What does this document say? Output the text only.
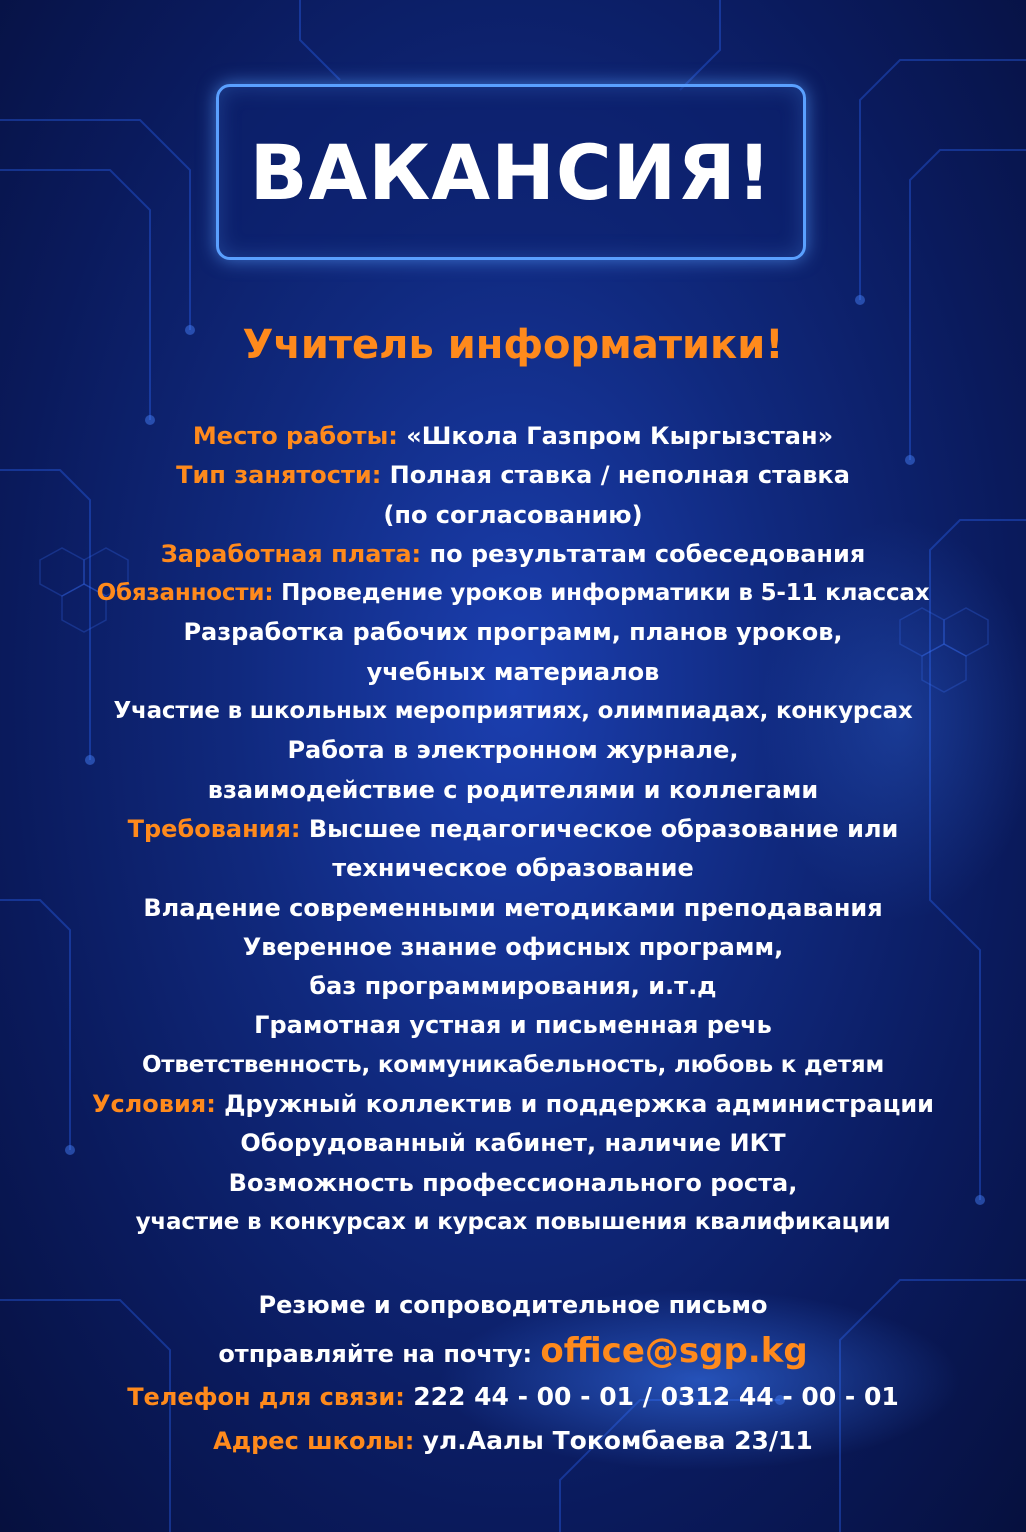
ВАКАНСИЯ!
Учитель информатики!
Место работы: «Школа Газпром Кыргызстан»
Тип занятости: Полная ставка / неполная ставка
(по согласованию)
Заработная плата: по результатам собеседования
Обязанности: Проведение уроков информатики в 5-11 классах
Разработка рабочих программ, планов уроков,
учебных материалов
Участие в школьных мероприятиях, олимпиадах, конкурсах
Работа в электронном журнале,
взаимодействие с родителями и коллегами
Требования: Высшее педагогическое образование или
техническое образование
Владение современными методиками преподавания
Уверенное знание офисных программ,
баз программирования, и.т.д
Грамотная устная и письменная речь
Ответственность, коммуникабельность, любовь к детям
Условия: Дружный коллектив и поддержка администрации
Оборудованный кабинет, наличие ИКТ
Возможность профессионального роста,
участие в конкурсах и курсах повышения квалификации
Резюме и сопроводительное письмо
отправляйте на почту: office@sgp.kg
Телефон для связи: 222 44 - 00 - 01 / 0312 44 - 00 - 01
Адрес школы: ул.Аалы Токомбаева 23/11
